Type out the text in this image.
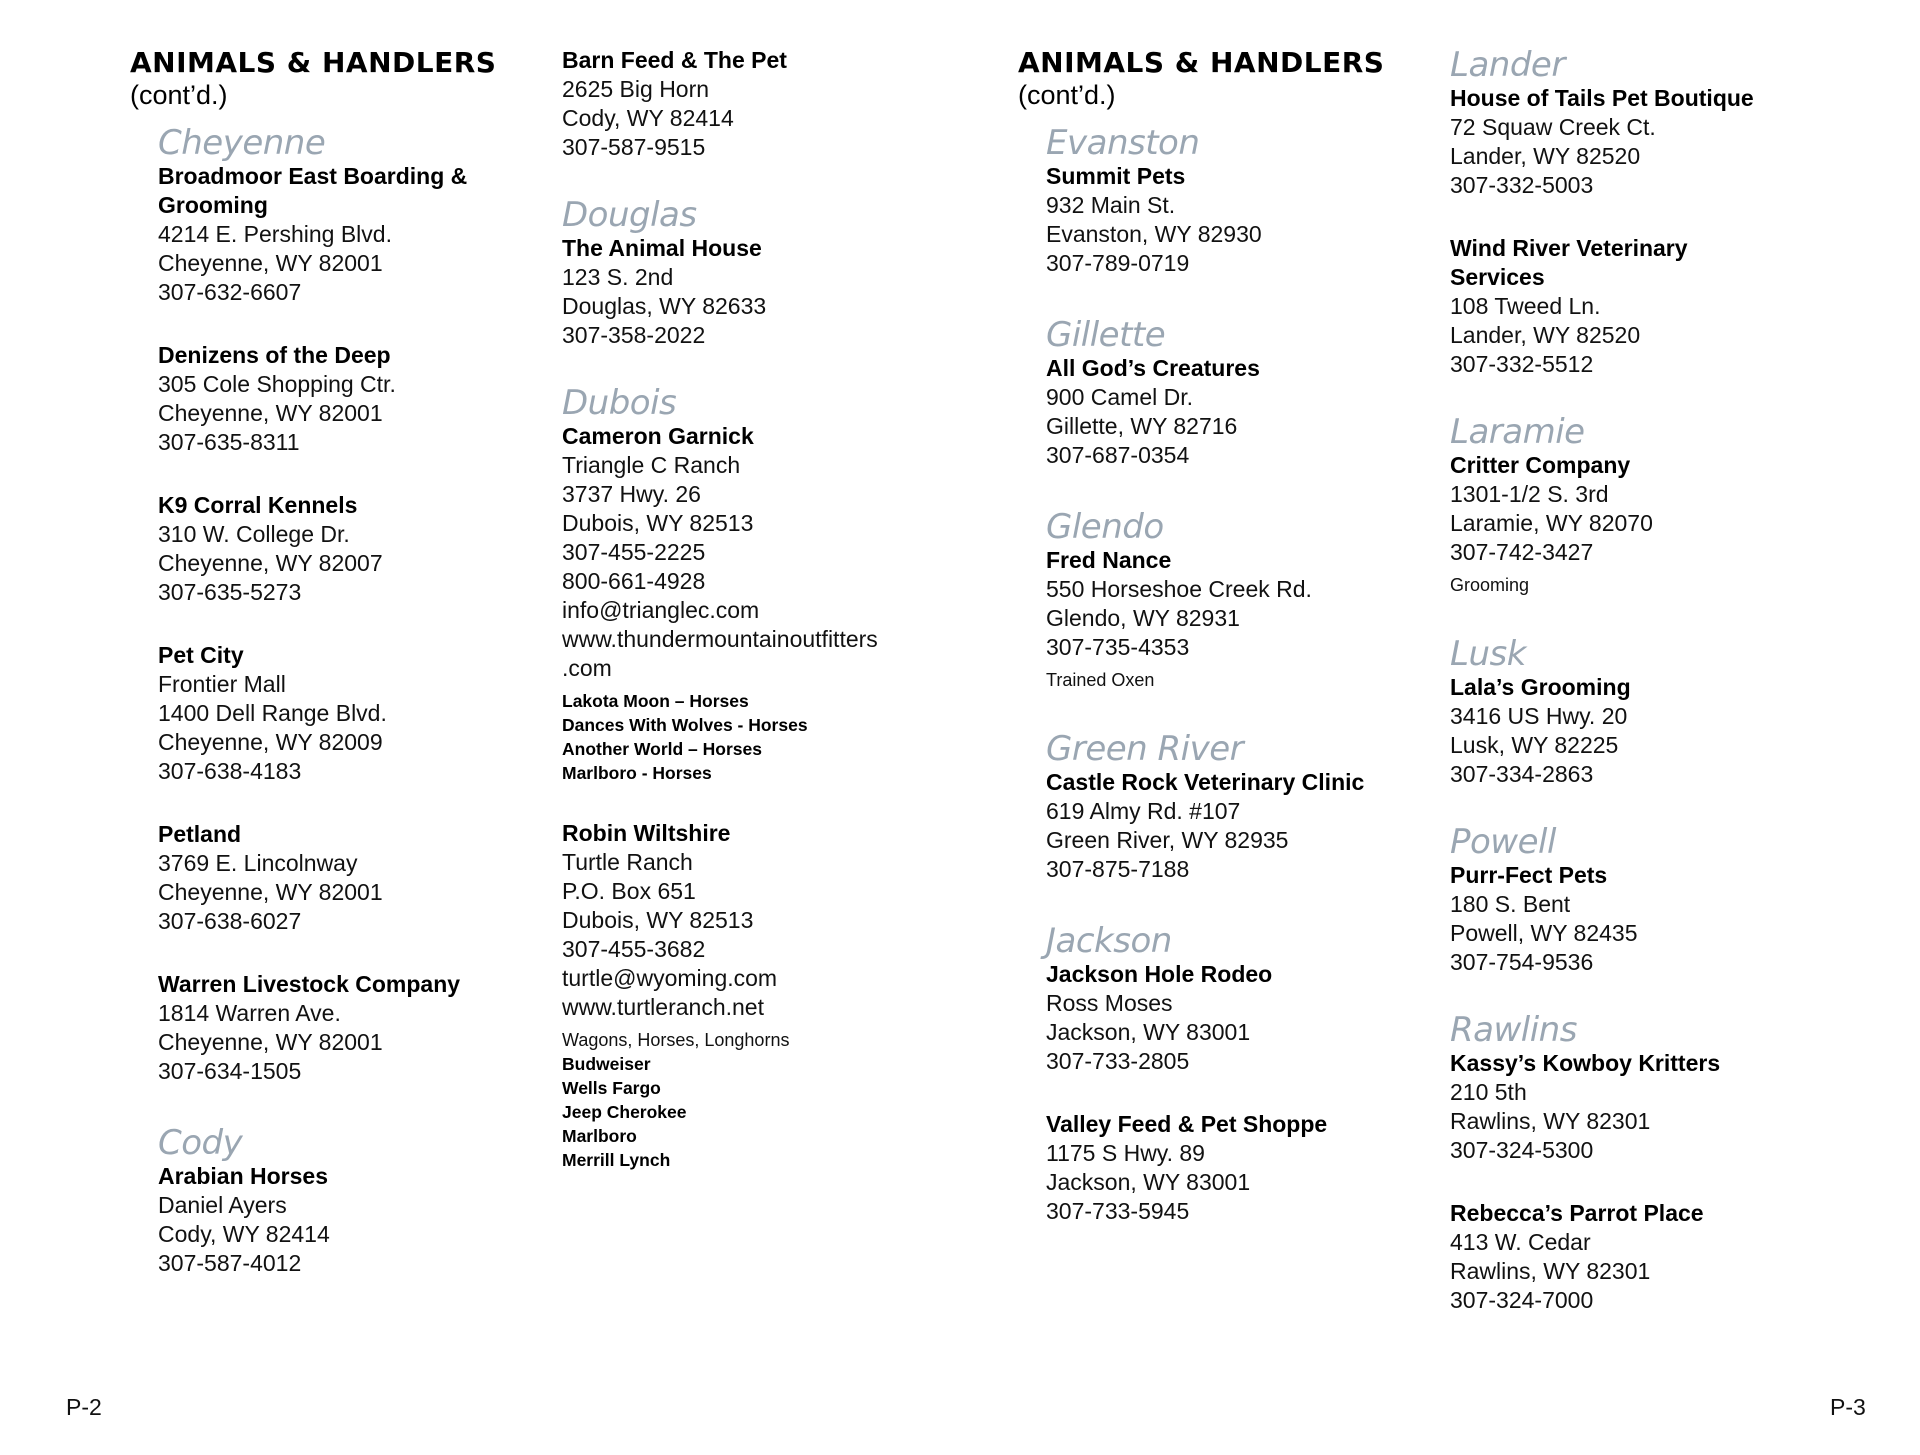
ANIMALS & HANDLERS

(cont’d.)

Cheyenne

Broadmoor East Boarding &
Grooming
4214 E. Pershing Blvd.
Cheyenne, WY 82001
307-632-6607
Denizens of the Deep
305 Cole Shopping Ctr.
Cheyenne, WY 82001
307-635-8311
K9 Corral Kennels
310 W. College Dr.
Cheyenne, WY 82007
307-635-5273
Pet City
Frontier Mall
1400 Dell Range Blvd.
Cheyenne, WY 82009
307-638-4183
Petland
3769 E. Lincolnway
Cheyenne, WY 82001
307-638-6027
Warren Livestock Company
1814 Warren Ave.
Cheyenne, WY 82001
307-634-1505

Cody

Arabian Horses
Daniel Ayers
Cody, WY 82414
307-587-4012
Barn Feed & The Pet
2625 Big Horn
Cody, WY 82414
307-587-9515

Douglas

The Animal House
123 S. 2nd
Douglas, WY 82633
307-358-2022

Dubois

Cameron Garnick
Triangle C Ranch
3737 Hwy. 26
Dubois, WY 82513
307-455-2225
800-661-4928
info@trianglec.com
www.thundermountainoutfitters
.com
Lakota Moon – Horses
Dances With Wolves - Horses
Another World – Horses
Marlboro - Horses
Robin Wiltshire
Turtle Ranch
P.O. Box 651
Dubois, WY 82513
307-455-3682
turtle@wyoming.com
www.turtleranch.net
Wagons, Horses, Longhorns
Budweiser
Wells Fargo
Jeep Cherokee
Marlboro
Merrill Lynch
P-2

ANIMALS & HANDLERS

(cont’d.)

Evanston

Summit Pets
932 Main St.
Evanston, WY 82930
307-789-0719

Gillette

All God’s Creatures
900 Camel Dr.
Gillette, WY 82716
307-687-0354

Glendo

Fred Nance
550 Horseshoe Creek Rd.
Glendo, WY 82931
307-735-4353
Trained Oxen

Green River

Castle Rock Veterinary Clinic
619 Almy Rd. #107
Green River, WY 82935
307-875-7188

Jackson

Jackson Hole Rodeo
Ross Moses
Jackson, WY 83001
307-733-2805
Valley Feed & Pet Shoppe
1175 S Hwy. 89
Jackson, WY 83001
307-733-5945

Lander

House of Tails Pet Boutique
72 Squaw Creek Ct.
Lander, WY 82520
307-332-5003
Wind River Veterinary
Services
108 Tweed Ln.
Lander, WY 82520
307-332-5512

Laramie

Critter Company
1301-1/2 S. 3rd
Laramie, WY 82070
307-742-3427
Grooming

Lusk

Lala’s Grooming
3416 US Hwy. 20
Lusk, WY 82225
307-334-2863

Powell

Purr-Fect Pets
180 S. Bent
Powell, WY 82435
307-754-9536

Rawlins

Kassy’s Kowboy Kritters
210 5th
Rawlins, WY 82301
307-324-5300
Rebecca’s Parrot Place
413 W. Cedar
Rawlins, WY 82301
307-324-7000
P-3
